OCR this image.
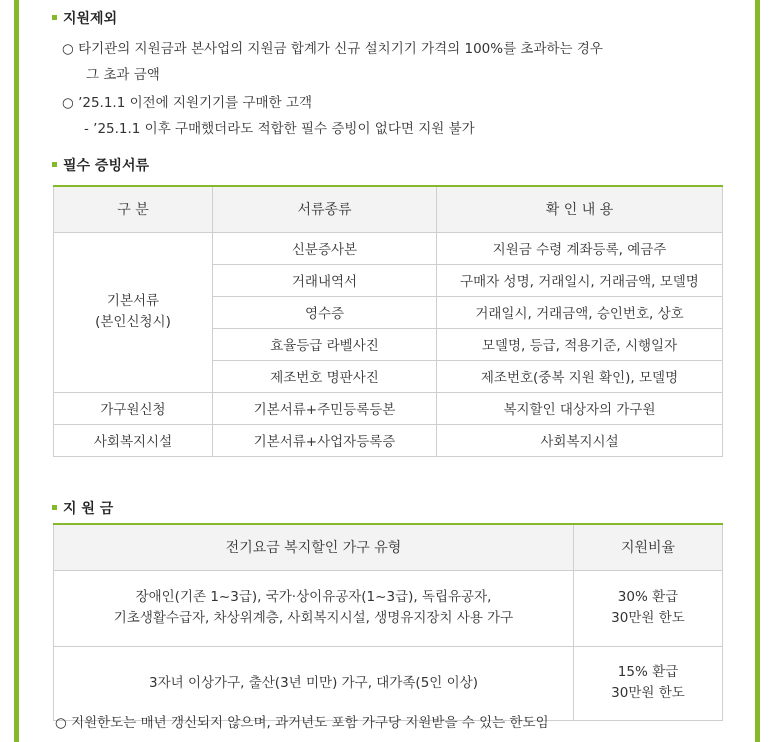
지원제외
○ 타기관의 지원금과 본사업의 지원금 합계가 신규 설치기기 가격의 100%를 초과하는 경우
그 초과 금액
○ ’25.1.1 이전에 지원기기를 구매한 고객
- ’25.1.1 이후 구매했더라도 적합한 필수 증빙이 없다면 지원 불가
필수 증빙서류
구 분	서류종류	확 인 내 용
기본서류
(본인신청시)	신분증사본	지원금 수령 계좌등록, 예금주
	거래내역서	구매자 성명, 거래일시, 거래금액, 모델명
	영수증	거래일시, 거래금액, 승인번호, 상호
	효율등급 라벨사진	모델명, 등급, 적용기준, 시행일자
	제조번호 명판사진	제조번호(중복 지원 확인), 모델명
가구원신청	기본서류+주민등록등본	복지할인 대상자의 가구원
사회복지시설	기본서류+사업자등록증	사회복지시설
지 원 금
전기요금 복지할인 가구 유형	지원비율
장애인(기존 1~3급), 국가·상이유공자(1~3급), 독립유공자,
기초생활수급자, 차상위계층, 사회복지시설, 생명유지장치 사용 가구	30% 환급
30만원 한도
3자녀 이상가구, 출산(3년 미만) 가구, 대가족(5인 이상)	15% 환급
30만원 한도
○ 지원한도는 매년 갱신되지 않으며, 과거년도 포함 가구당 지원받을 수 있는 한도임
